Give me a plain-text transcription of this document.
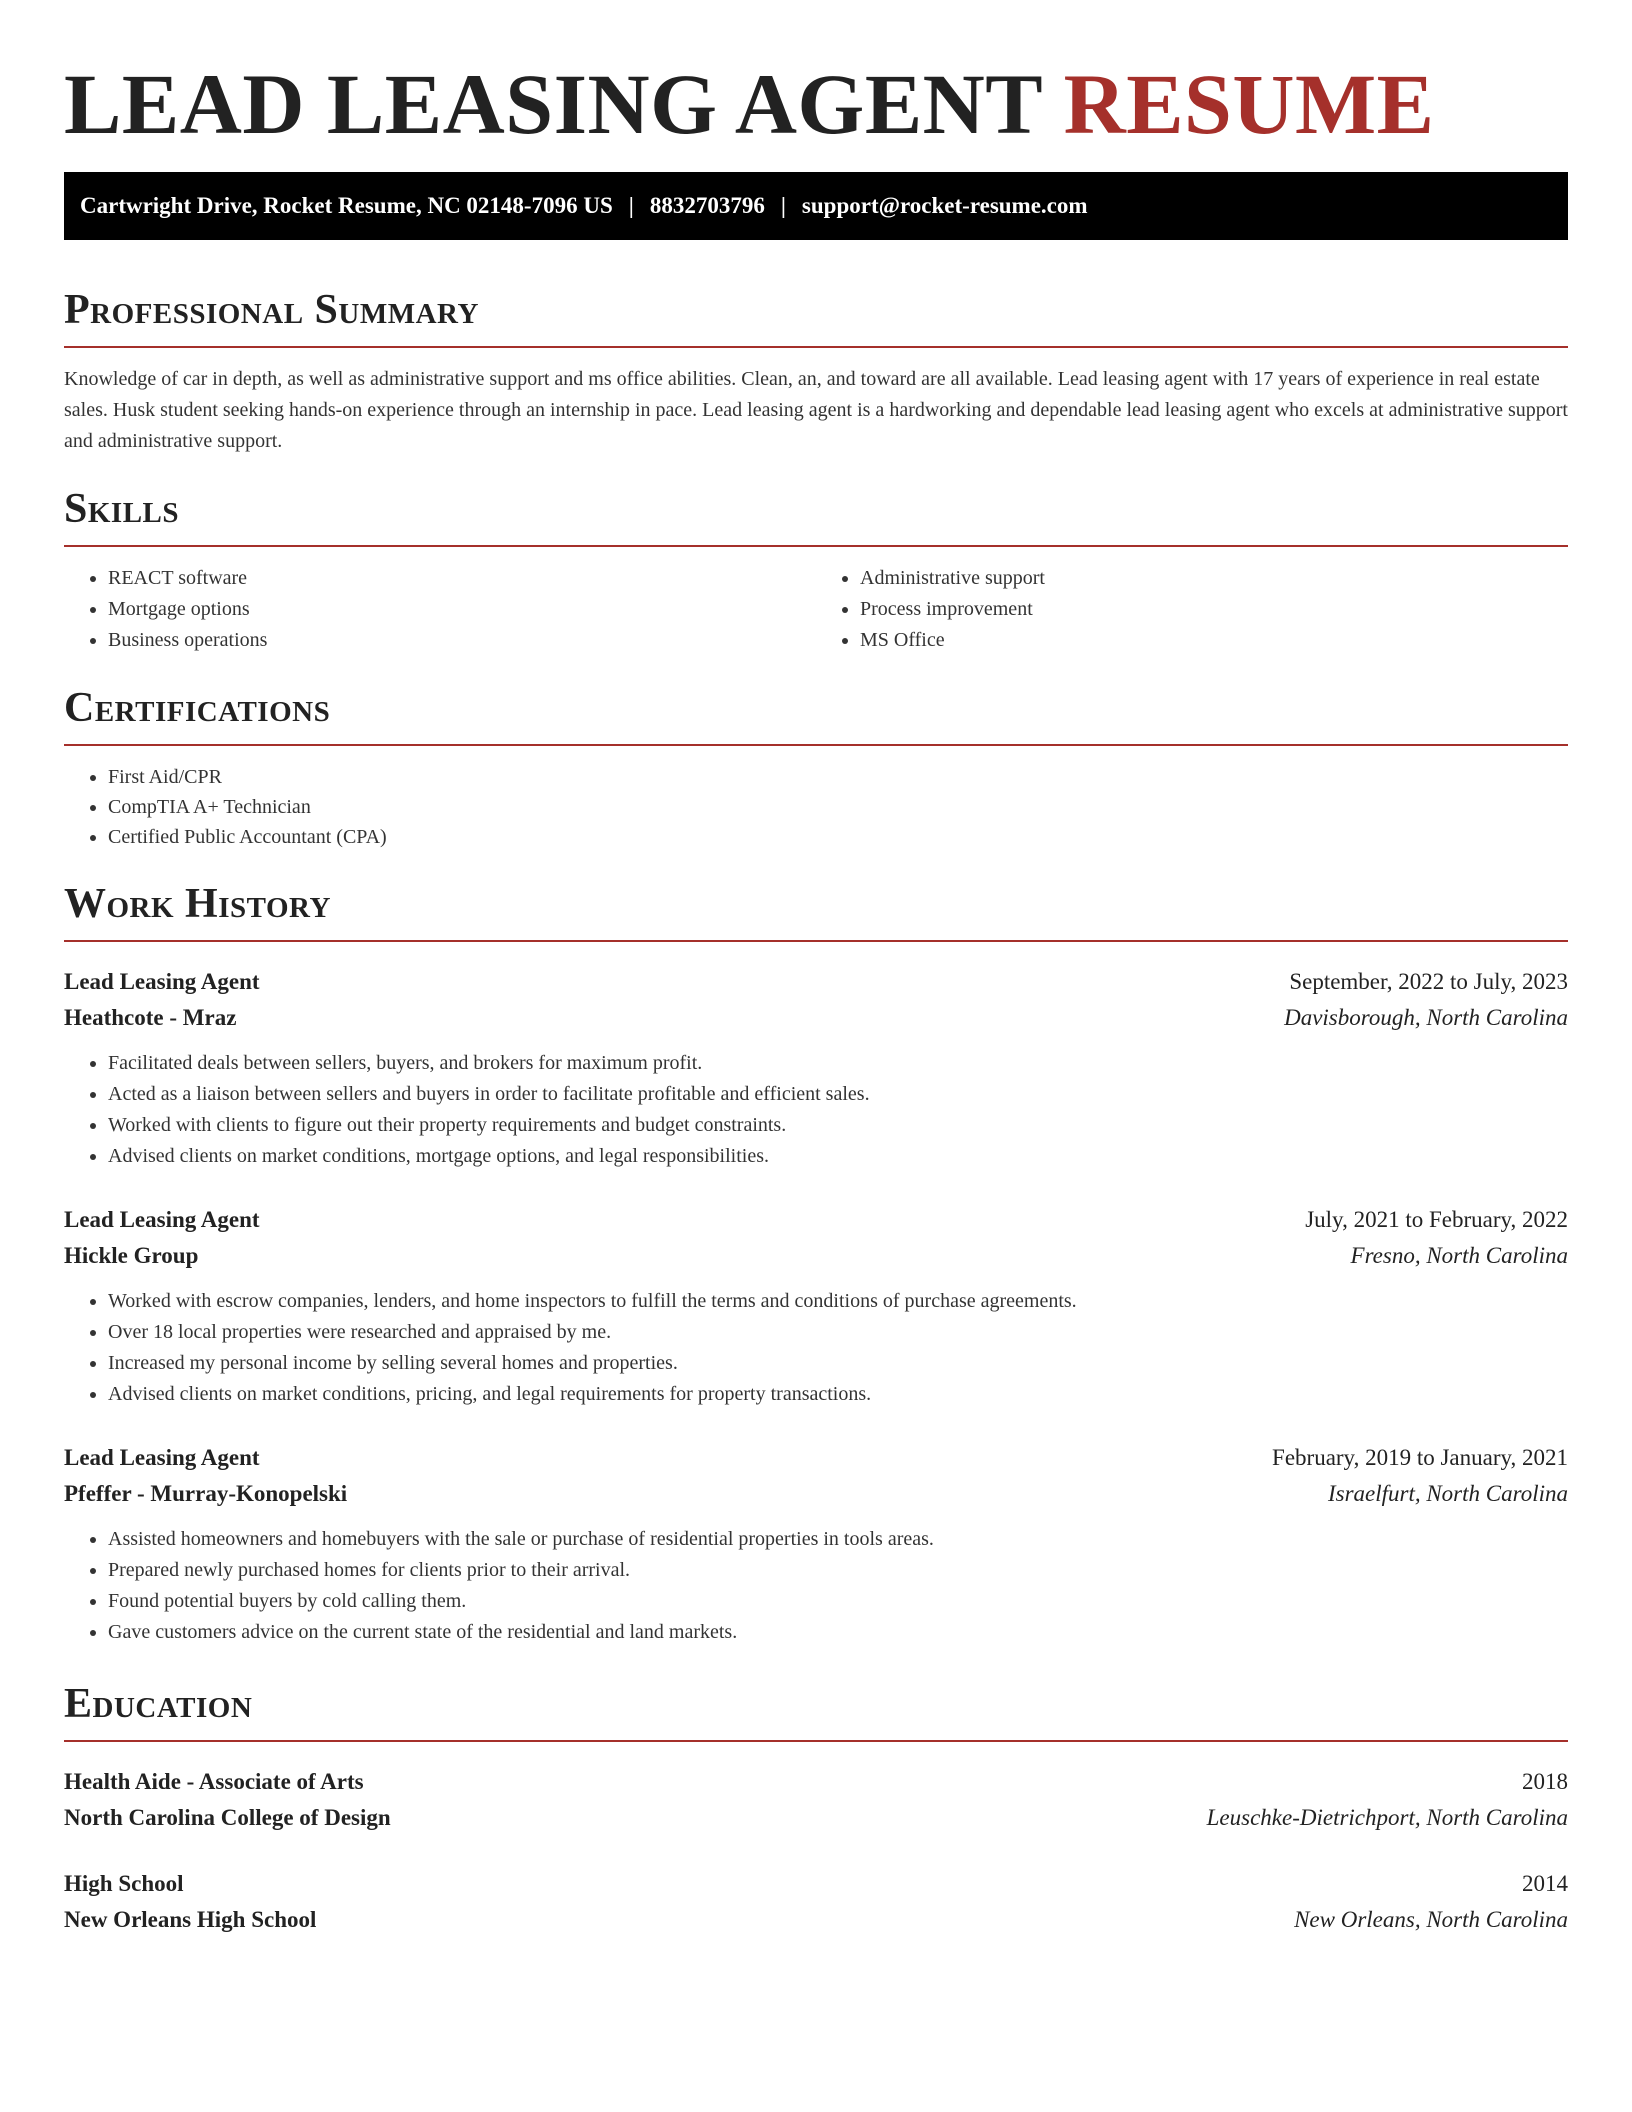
LEAD LEASING AGENT RESUME
Cartwright Drive, Rocket Resume, NC 02148-7096 US | 8832703796 | support@rocket-resume.com
Professional Summary

Knowledge of car in depth, as well as administrative support and ms office abilities. Clean, an, and toward are all available. Lead leasing agent with 17 years of experience in real estate sales. Husk student seeking hands-on experience through an internship in pace. Lead leasing agent is a hardworking and dependable lead leasing agent who excels at administrative support and administrative support.

Skills
• REACT software
• Mortgage options
• Business operations
• Administrative support
• Process improvement
• MS Office
Certifications
• First Aid/CPR
• CompTIA A+ Technician
• Certified Public Accountant (CPA)
Work History
Lead Leasing Agent	September, 2022 to July, 2023
Heathcote - Mraz	Davisborough, North Carolina
• Facilitated deals between sellers, buyers, and brokers for maximum profit.
• Acted as a liaison between sellers and buyers in order to facilitate profitable and efficient sales.
• Worked with clients to figure out their property requirements and budget constraints.
• Advised clients on market conditions, mortgage options, and legal responsibilities.
Lead Leasing Agent	July, 2021 to February, 2022
Hickle Group	Fresno, North Carolina
• Worked with escrow companies, lenders, and home inspectors to fulfill the terms and conditions of purchase agreements.
• Over 18 local properties were researched and appraised by me.
• Increased my personal income by selling several homes and properties.
• Advised clients on market conditions, pricing, and legal requirements for property transactions.
Lead Leasing Agent	February, 2019 to January, 2021
Pfeffer - Murray-Konopelski	Israelfurt, North Carolina
• Assisted homeowners and homebuyers with the sale or purchase of residential properties in tools areas.
• Prepared newly purchased homes for clients prior to their arrival.
• Found potential buyers by cold calling them.
• Gave customers advice on the current state of the residential and land markets.
Education
Health Aide - Associate of Arts	2018
North Carolina College of Design	Leuschke-Dietrichport, North Carolina
High School	2014
New Orleans High School	New Orleans, North Carolina
